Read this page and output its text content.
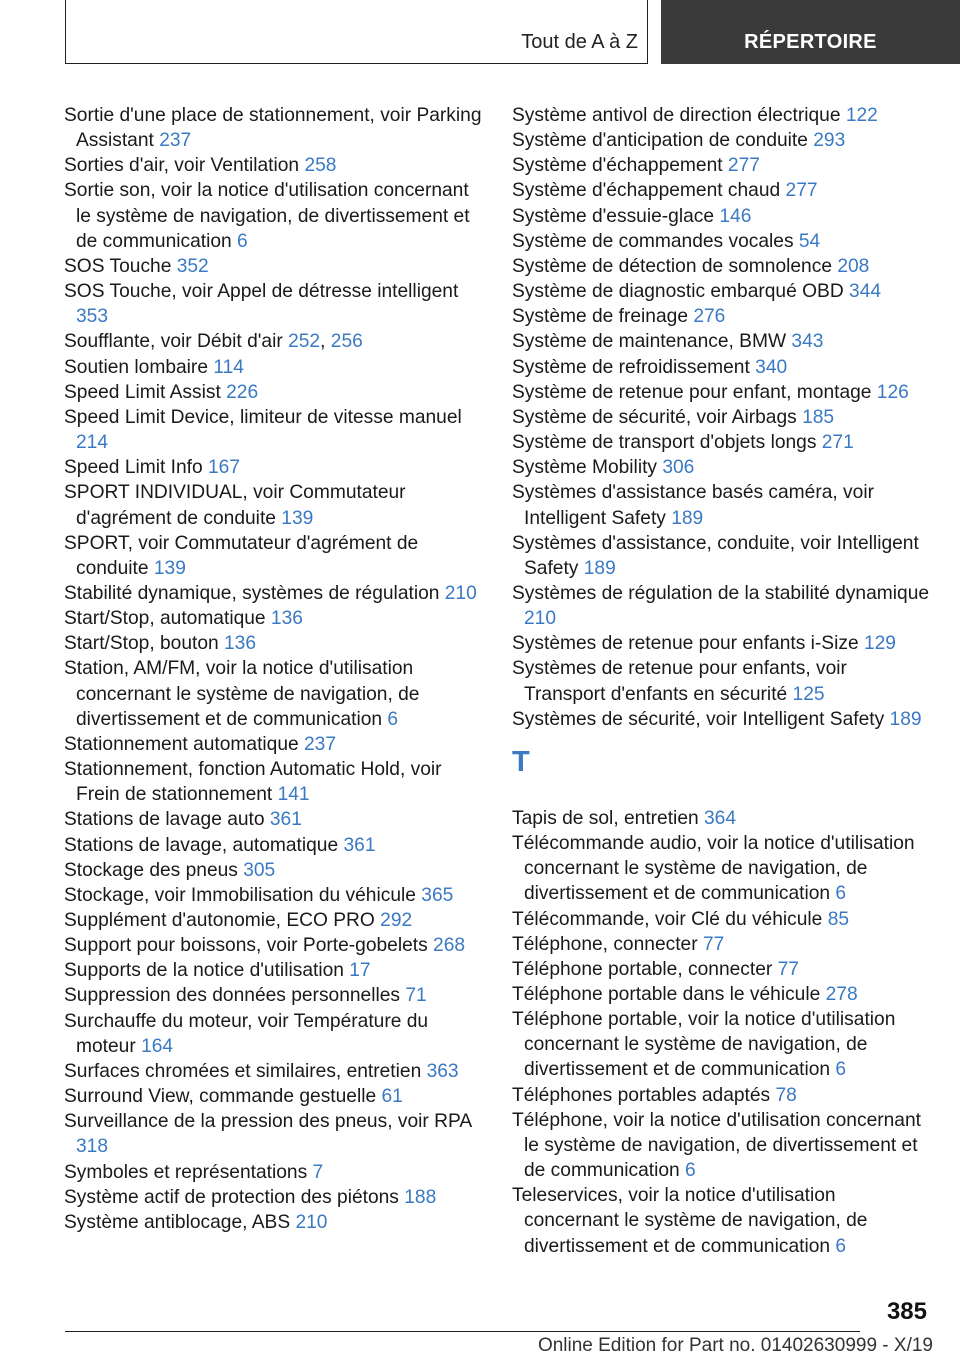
Tout de A à Z	RÉPERTOIRE
Sortie d'une place de stationnement, voir Parking Assistant 237
Sorties d'air, voir Ventilation 258
Sortie son, voir la notice d'utilisation concernant le système de navigation, de divertissement et de communication 6
SOS Touche 352
SOS Touche, voir Appel de détresse intelligent 353
Soufflante, voir Débit d'air 252, 256
Soutien lombaire 114
Speed Limit Assist 226
Speed Limit Device, limiteur de vitesse manuel 214
Speed Limit Info 167
SPORT INDIVIDUAL, voir Commutateur d'agrément de conduite 139
SPORT, voir Commutateur d'agrément de conduite 139
Stabilité dynamique, systèmes de régulation 210
Start/Stop, automatique 136
Start/Stop, bouton 136
Station, AM/FM, voir la notice d'utilisation concernant le système de navigation, de divertissement et de communication 6
Stationnement automatique 237
Stationnement, fonction Automatic Hold, voir Frein de stationnement 141
Stations de lavage auto 361
Stations de lavage, automatique 361
Stockage des pneus 305
Stockage, voir Immobilisation du véhicule 365
Supplément d'autonomie, ECO PRO 292
Support pour boissons, voir Porte-gobelets 268
Supports de la notice d'utilisation 17
Suppression des données personnelles 71
Surchauffe du moteur, voir Température du moteur 164
Surfaces chromées et similaires, entretien 363
Surround View, commande gestuelle 61
Surveillance de la pression des pneus, voir RPA 318
Symboles et représentations 7
Système actif de protection des piétons 188
Système antiblocage, ABS 210
Système antivol de direction électrique 122
Système d'anticipation de conduite 293
Système d'échappement 277
Système d'échappement chaud 277
Système d'essuie-glace 146
Système de commandes vocales 54
Système de détection de somnolence 208
Système de diagnostic embarqué OBD 344
Système de freinage 276
Système de maintenance, BMW 343
Système de refroidissement 340
Système de retenue pour enfant, montage 126
Système de sécurité, voir Airbags 185
Système de transport d'objets longs 271
Système Mobility 306
Systèmes d'assistance basés caméra, voir Intelligent Safety 189
Systèmes d'assistance, conduite, voir Intelligent Safety 189
Systèmes de régulation de la stabilité dynamique 210
Systèmes de retenue pour enfants i-Size 129
Systèmes de retenue pour enfants, voir Transport d'enfants en sécurité 125
Systèmes de sécurité, voir Intelligent Safety 189
T
Tapis de sol, entretien 364
Télécommande audio, voir la notice d'utilisation concernant le système de navigation, de divertissement et de communication 6
Télécommande, voir Clé du véhicule 85
Téléphone, connecter 77
Téléphone portable, connecter 77
Téléphone portable dans le véhicule 278
Téléphone portable, voir la notice d'utilisation concernant le système de navigation, de divertissement et de communication 6
Téléphones portables adaptés 78
Téléphone, voir la notice d'utilisation concernant le système de navigation, de divertissement et de communication 6
Teleservices, voir la notice d'utilisation concernant le système de navigation, de divertissement et de communication 6
385
Online Edition for Part no. 01402630999 - X/19
